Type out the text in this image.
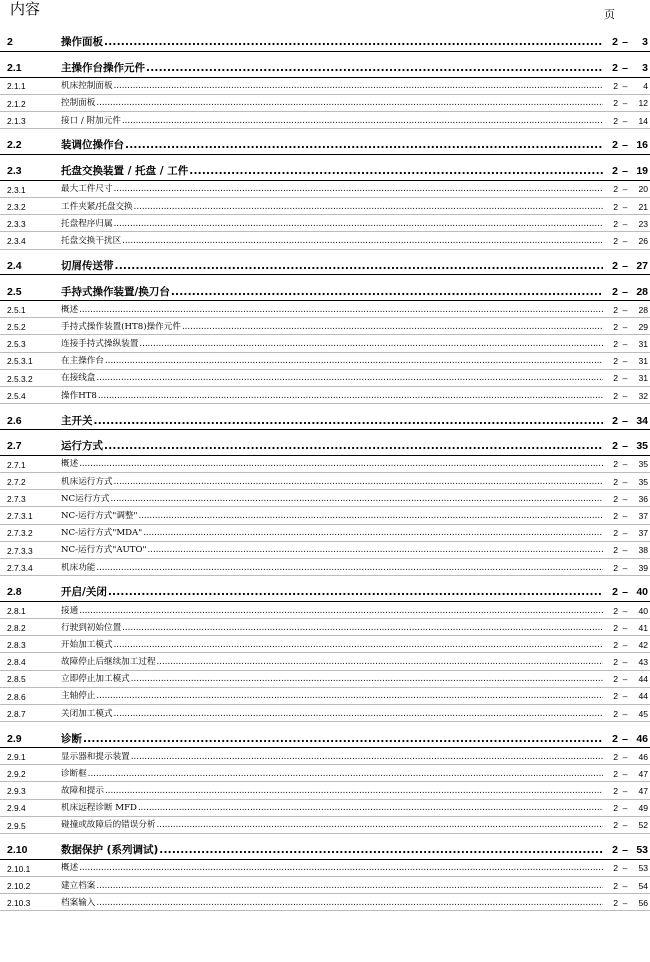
内容	页
2	操作面板 .....	2 –	3
2.1	主操作台操作元件 .....	2 –	3
2.1.1	机床控制面板 .....	2 –	4
2.1.2	控制面板 .....	2 –	12
2.1.3	接口 / 附加元件 .....	2 –	14
2.2	装调位操作台 .....	2 – 16
2.3	托盘交换装置 / 托盘 / 工件 .....	2 – 19
2.3.1	最大工件尺寸 .....	2 –	20
2.3.2	工件夹紧/托盘交换 .....	2 –	21
2.3.3	托盘程序归属 .....	2 –	23
2.3.4	托盘交换干扰区 .....	2 –	26
2.4	切屑传送带 .....	2 – 27
2.5	手持式操作装置/换刀台 .....	2 – 28
2.5.1	概述 .....	2 –	28
2.5.2	手持式操作装置(HT8)操作元件 .....	2 –	29
2.5.3	连接手持式操纵装置 .....	2 –	31
2.5.3.1	在主操作台 .....	2 –	31
2.5.3.2	在接线盒 .....	2 –	31
2.5.4	操作HT8 .....	2 –	32
2.6	主开关 .....	2 – 34
2.7	运行方式 .....	2 – 35
2.7.1	概述 .....	2 –	35
2.7.2	机床运行方式 .....	2 –	35
2.7.3	NC运行方式 .....	2 –	36
2.7.3.1	NC-运行方式"调整" .....	2 –	37
2.7.3.2	NC-运行方式"MDA" .....	2 –	37
2.7.3.3	NC-运行方式"AUTO" .....	2 –	38
2.7.3.4	机床功能 .....	2 –	39
2.8	开启/关闭 .....	2 – 40
2.8.1	接通 .....	2 –	40
2.8.2	行驶到初始位置 .....	2 –	41
2.8.3	开始加工模式 .....	2 –	42
2.8.4	故障停止后继续加工过程 .....	2 –	43
2.8.5	立即停止加工模式 .....	2 –	44
2.8.6	主轴停止 .....	2 –	44
2.8.7	关闭加工模式 .....	2 –	45
2.9	诊断 .....	2 – 46
2.9.1	显示器和提示装置 .....	2 –	46
2.9.2	诊断框 .....	2 –	47
2.9.3	故障和提示 .....	2 –	47
2.9.4	机床远程诊断 MFD .....	2 –	49
2.9.5	碰撞或故障后的错误分析 .....	2 –	52
2.10	数据保护 (系列调试) .....	2 – 53
2.10.1	概述 .....	2 –	53
2.10.2	建立档案 .....	2 –	54
2.10.3	档案输入 .....	2 –	56
